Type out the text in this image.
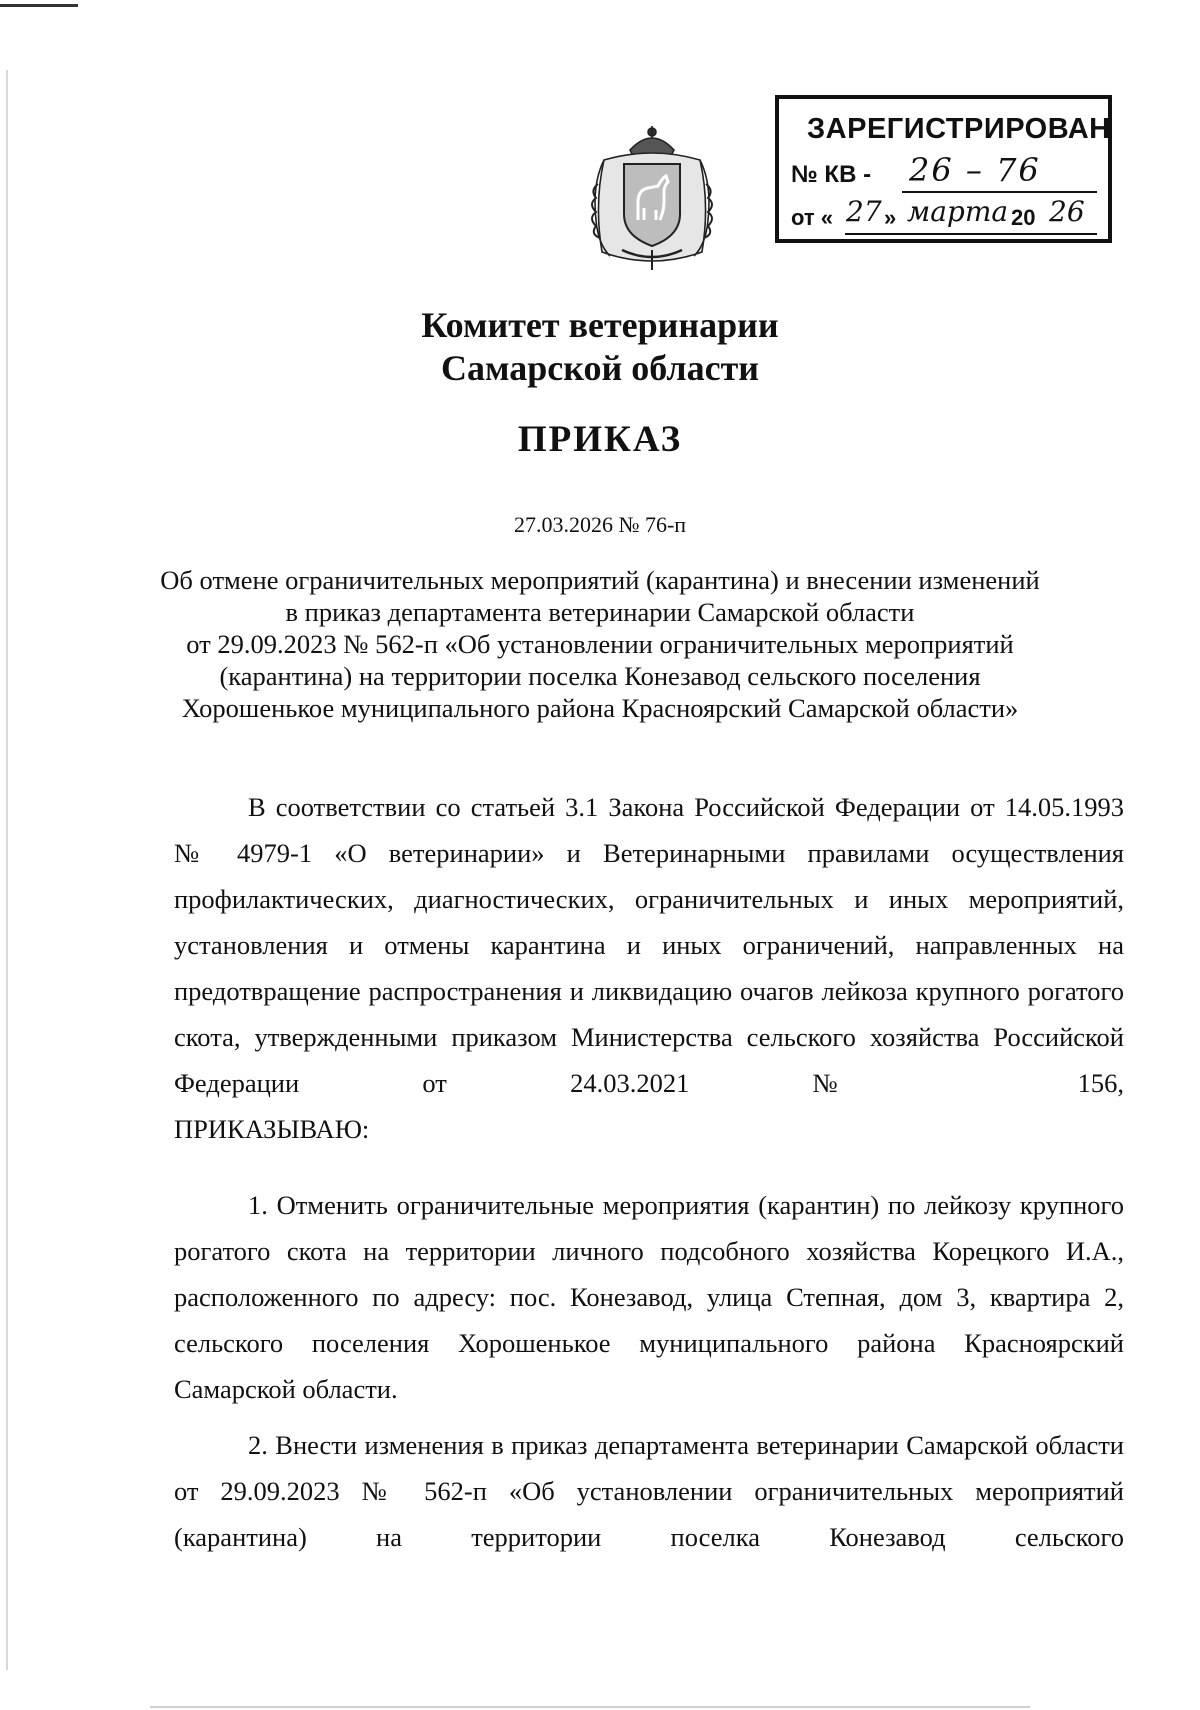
ЗАРЕГИСТРИРОВАН
№ КВ - 26 – 76
от « 27 » марта 20 26
Комитет ветеринарии
Самарской области
ПРИКАЗ
27.03.2026 № 76-п
Об отмене ограничительных мероприятий (карантина) и внесении изменений
в приказ департамента ветеринарии Самарской области
от 29.09.2023 № 562-п «Об установлении ограничительных мероприятий
(карантина) на территории поселка Конезавод сельского поселения
Хорошенькое муниципального района Красноярский Самарской области»
В соответствии со статьей 3.1 Закона Российской Федерации от 14.05.1993 № 4979-1 «О ветеринарии» и Ветеринарными правилами осуществления профилактических, диагностических, ограничительных и иных мероприятий, установления и отмены карантина и иных ограничений, направленных на предотвращение распространения и ликвидацию очагов лейкоза крупного рогатого скота, утвержденными приказом Министерства сельского хозяйства Российской Федерации от 24.03.2021 № 156,
ПРИКАЗЫВАЮ:
1. Отменить ограничительные мероприятия (карантин) по лейкозу крупного рогатого скота на территории личного подсобного хозяйства Корецкого И.А., расположенного по адресу: пос. Конезавод, улица Степная, дом 3, квартира 2, сельского поселения Хорошенькое муниципального района Красноярский Самарской области.
2. Внести изменения в приказ департамента ветеринарии Самарской области от 29.09.2023 № 562-п «Об установлении ограничительных мероприятий (карантина) на территории поселка Конезавод сельского
